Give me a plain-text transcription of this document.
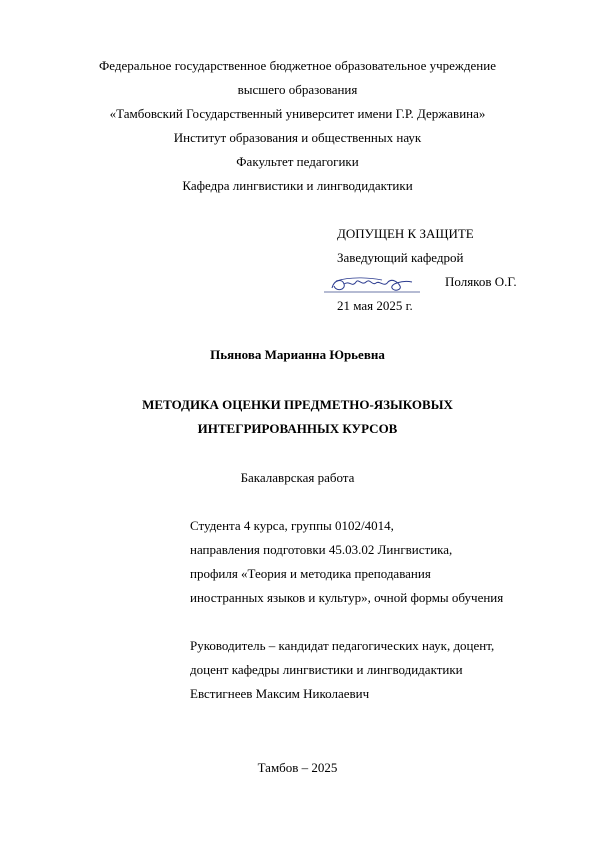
Федеральное государственное бюджетное образовательное учреждение
высшего образования
«Тамбовский Государственный университет имени Г.Р. Державина»
Институт образования и общественных наук
Факультет педагогики
Кафедра лингвистики и лингводидактики
ДОПУЩЕН К ЗАЩИТЕ
Заведующий кафедрой
Поляков О.Г.
21 мая 2025 г.
Пьянова Марианна Юрьевна
МЕТОДИКА ОЦЕНКИ ПРЕДМЕТНО-ЯЗЫКОВЫХ
ИНТЕГРИРОВАННЫХ КУРСОВ
Бакалаврская работа
Студента 4 курса, группы 0102/4014,
направления подготовки 45.03.02 Лингвистика,
профиля «Теория и методика преподавания
иностранных языков и культур», очной формы обучения
Руководитель – кандидат педагогических наук, доцент,
доцент кафедры лингвистики и лингводидактики
Евстигнеев Максим Николаевич
Тамбов – 2025
